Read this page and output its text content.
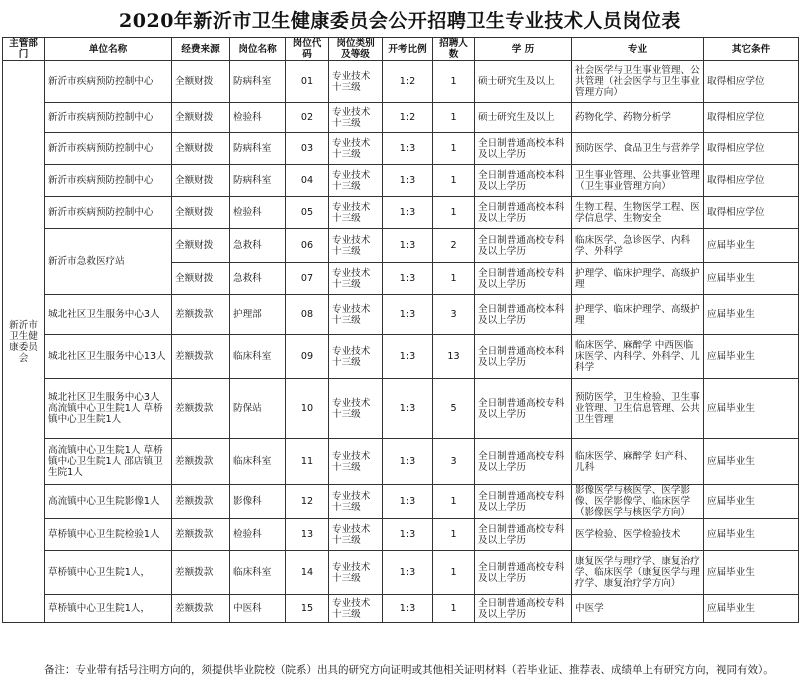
2020年新沂市卫生健康委员会公开招聘卫生专业技术人员岗位表
主管部门	单位名称	经费来源	岗位名称	岗位代码	岗位类别及等级	开考比例	招聘人数	学 历	专业	其它条件
新沂市卫生健康委员会	新沂市疾病预防控制中心	全额财拨	防病科室	01	专业技术十三级	1:2	1	硕士研究生及以上	社会医学与卫生事业管理、公共管理（社会医学与卫生事业管理方向）	取得相应学位
	新沂市疾病预防控制中心	全额财拨	检验科	02	专业技术十三级	1:2	1	硕士研究生及以上	药物化学、药物分析学	取得相应学位
	新沂市疾病预防控制中心	全额财拨	防病科室	03	专业技术十三级	1:3	1	全日制普通高校本科及以上学历	预防医学、食品卫生与营养学	取得相应学位
	新沂市疾病预防控制中心	全额财拨	防病科室	04	专业技术十三级	1:3	1	全日制普通高校本科及以上学历	卫生事业管理、公共事业管理（卫生事业管理方向）	取得相应学位
	新沂市疾病预防控制中心	全额财拨	检验科	05	专业技术十三级	1:3	1	全日制普通高校本科及以上学历	生物工程、生物医学工程、医学信息学、生物安全	取得相应学位
	新沂市急救医疗站	全额财拨	急救科	06	专业技术十三级	1:3	2	全日制普通高校专科及以上学历	临床医学、急诊医学、内科学、外科学	应届毕业生
		全额财拨	急救科	07	专业技术十三级	1:3	1	全日制普通高校专科及以上学历	护理学、临床护理学、高级护理	应届毕业生
	城北社区卫生服务中心3人	差额拨款	护理部	08	专业技术十三级	1:3	3	全日制普通高校本科及以上学历	护理学、临床护理学、高级护理	应届毕业生
	城北社区卫生服务中心13人	差额拨款	临床科室	09	专业技术十三级	1:3	13	全日制普通高校本科及以上学历	临床医学、麻醉学 中西医临床医学、内科学、外科学、儿科学	应届毕业生
	城北社区卫生服务中心3人 高流镇中心卫生院1人 草桥镇中心卫生院1人	差额拨款	防保站	10	专业技术十三级	1:3	5	全日制普通高校专科及以上学历	预防医学，卫生检验、卫生事业管理、卫生信息管理、公共卫生管理	应届毕业生
	高流镇中心卫生院1人 草桥镇中心卫生院1人 邵店镇卫生院1人	差额拨款	临床科室	11	专业技术十三级	1:3	3	全日制普通高校专科及以上学历	临床医学、麻醉学 妇产科、儿科	应届毕业生
	高流镇中心卫生院影像1人	差额拨款	影像科	12	专业技术十三级	1:3	1	全日制普通高校专科及以上学历	影像医学与核医学、医学影像、医学影像学、临床医学（影像医学与核医学方向）	应届毕业生
	草桥镇中心卫生院检验1人	差额拨款	检验科	13	专业技术十三级	1:3	1	全日制普通高校专科及以上学历	医学检验、医学检验技术	应届毕业生
	草桥镇中心卫生院1人，	差额拨款	临床科室	14	专业技术十三级	1:3	1	全日制普通高校专科及以上学历	康复医学与理疗学、康复治疗学、临床医学（康复医学与理疗学、康复治疗学方向）	应届毕业生
	草桥镇中心卫生院1人，	差额拨款	中医科	15	专业技术十三级	1:3	1	全日制普通高校专科及以上学历	中医学	应届毕业生
备注：专业带有括号注明方向的，须提供毕业院校（院系）出具的研究方向证明或其他相关证明材料（若毕业证、推荐表、成绩单上有研究方向，视同有效）。
